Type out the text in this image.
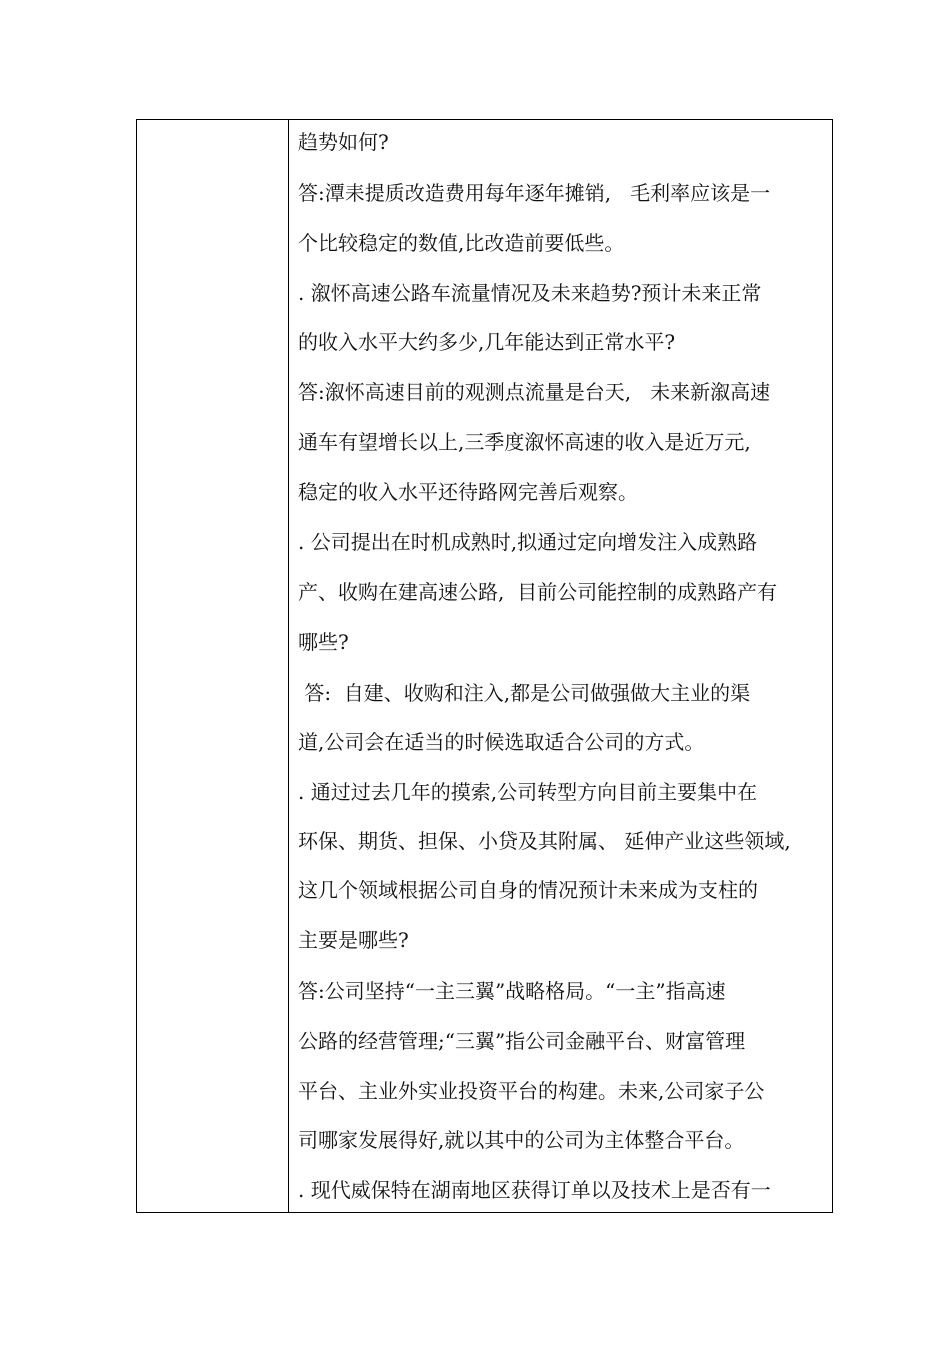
趋势如何?
答:潭耒提质改造费用每年逐年摊销,   毛利率应该是一
个比较稳定的数值,比改造前要低些。
. 溆怀高速公路车流量情况及未来趋势?预计未来正常
的收入水平大约多少,几年能达到正常水平?
答:溆怀高速目前的观测点流量是台天,   未来新溆高速
通车有望增长以上,三季度溆怀高速的收入是近万元,
稳定的收入水平还待路网完善后观察。
. 公司提出在时机成熟时,拟通过定向增发注入成熟路
产、收购在建高速公路,  目前公司能控制的成熟路产有
哪些?
答:  自建、收购和注入,都是公司做强做大主业的渠
道,公司会在适当的时候选取适合公司的方式。
. 通过过去几年的摸索,公司转型方向目前主要集中在
环保、期货、担保、小贷及其附属、 延伸产业这些领域,
这几个领域根据公司自身的情况预计未来成为支柱的
主要是哪些?
答:公司坚持“一主三翼”战略格局。“一主”指高速
公路的经营管理;“三翼”指公司金融平台、财富管理
平台、主业外实业投资平台的构建。未来,公司家子公
司哪家发展得好,就以其中的公司为主体整合平台。
. 现代威保特在湖南地区获得订单以及技术上是否有一
